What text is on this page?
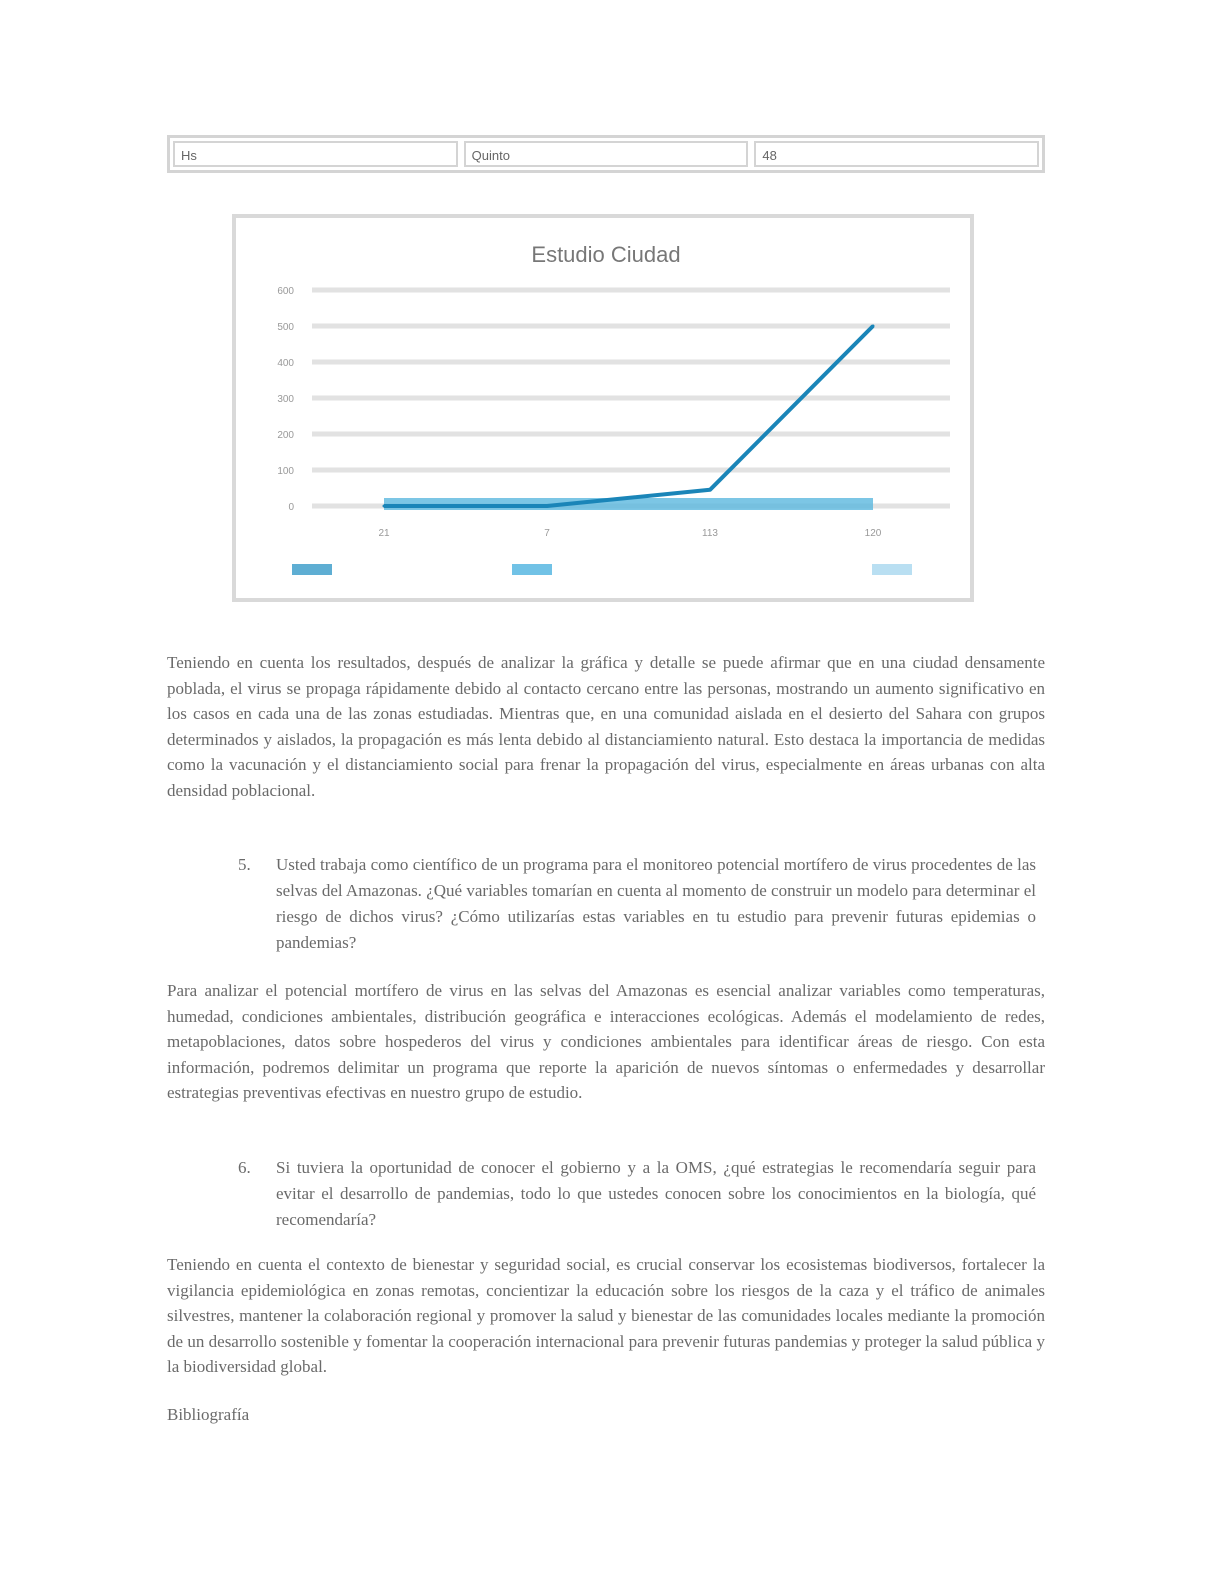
Hs	Quinto	48
Estudio Ciudad
600
500
400
300
200
100
0
21	7	113	120

Teniendo en cuenta los resultados, después de analizar la gráfica y detalle se puede afirmar que en una ciudad densamente poblada, el virus se propaga rápidamente debido al contacto cercano entre las personas, mostrando un aumento significativo en los casos en cada una de las zonas estudiadas. Mientras que, en una comunidad aislada en el desierto del Sahara con grupos determinados y aislados, la propagación es más lenta debido al distanciamiento natural. Esto destaca la importancia de medidas como la vacunación y el distanciamiento social para frenar la propagación del virus, especialmente en áreas urbanas con alta densidad poblacional.

5.	Usted trabaja como científico de un programa para el monitoreo potencial mortífero de virus procedentes de las selvas del Amazonas. ¿Qué variables tomarían en cuenta al momento de construir un modelo para determinar el riesgo de dichos virus? ¿Cómo utilizarías estas variables en tu estudio para prevenir futuras epidemias o pandemias?

Para analizar el potencial mortífero de virus en las selvas del Amazonas es esencial analizar variables como temperaturas, humedad, condiciones ambientales, distribución geográfica e interacciones ecológicas. Además el modelamiento de redes, metapoblaciones, datos sobre hospederos del virus y condiciones ambientales para identificar áreas de riesgo. Con esta información, podremos delimitar un programa que reporte la aparición de nuevos síntomas o enfermedades y desarrollar estrategias preventivas efectivas en nuestro grupo de estudio.

6.	Si tuviera la oportunidad de conocer el gobierno y a la OMS, ¿qué estrategias le recomendaría seguir para evitar el desarrollo de pandemias, todo lo que ustedes conocen sobre los conocimientos en la biología, qué recomendaría?

Teniendo en cuenta el contexto de bienestar y seguridad social, es crucial conservar los ecosistemas biodiversos, fortalecer la vigilancia epidemiológica en zonas remotas, concientizar la educación sobre los riesgos de la caza y el tráfico de animales silvestres, mantener la colaboración regional y promover la salud y bienestar de las comunidades locales mediante la promoción de un desarrollo sostenible y fomentar la cooperación internacional para prevenir futuras pandemias y proteger la salud pública y la biodiversidad global.

Bibliografía
